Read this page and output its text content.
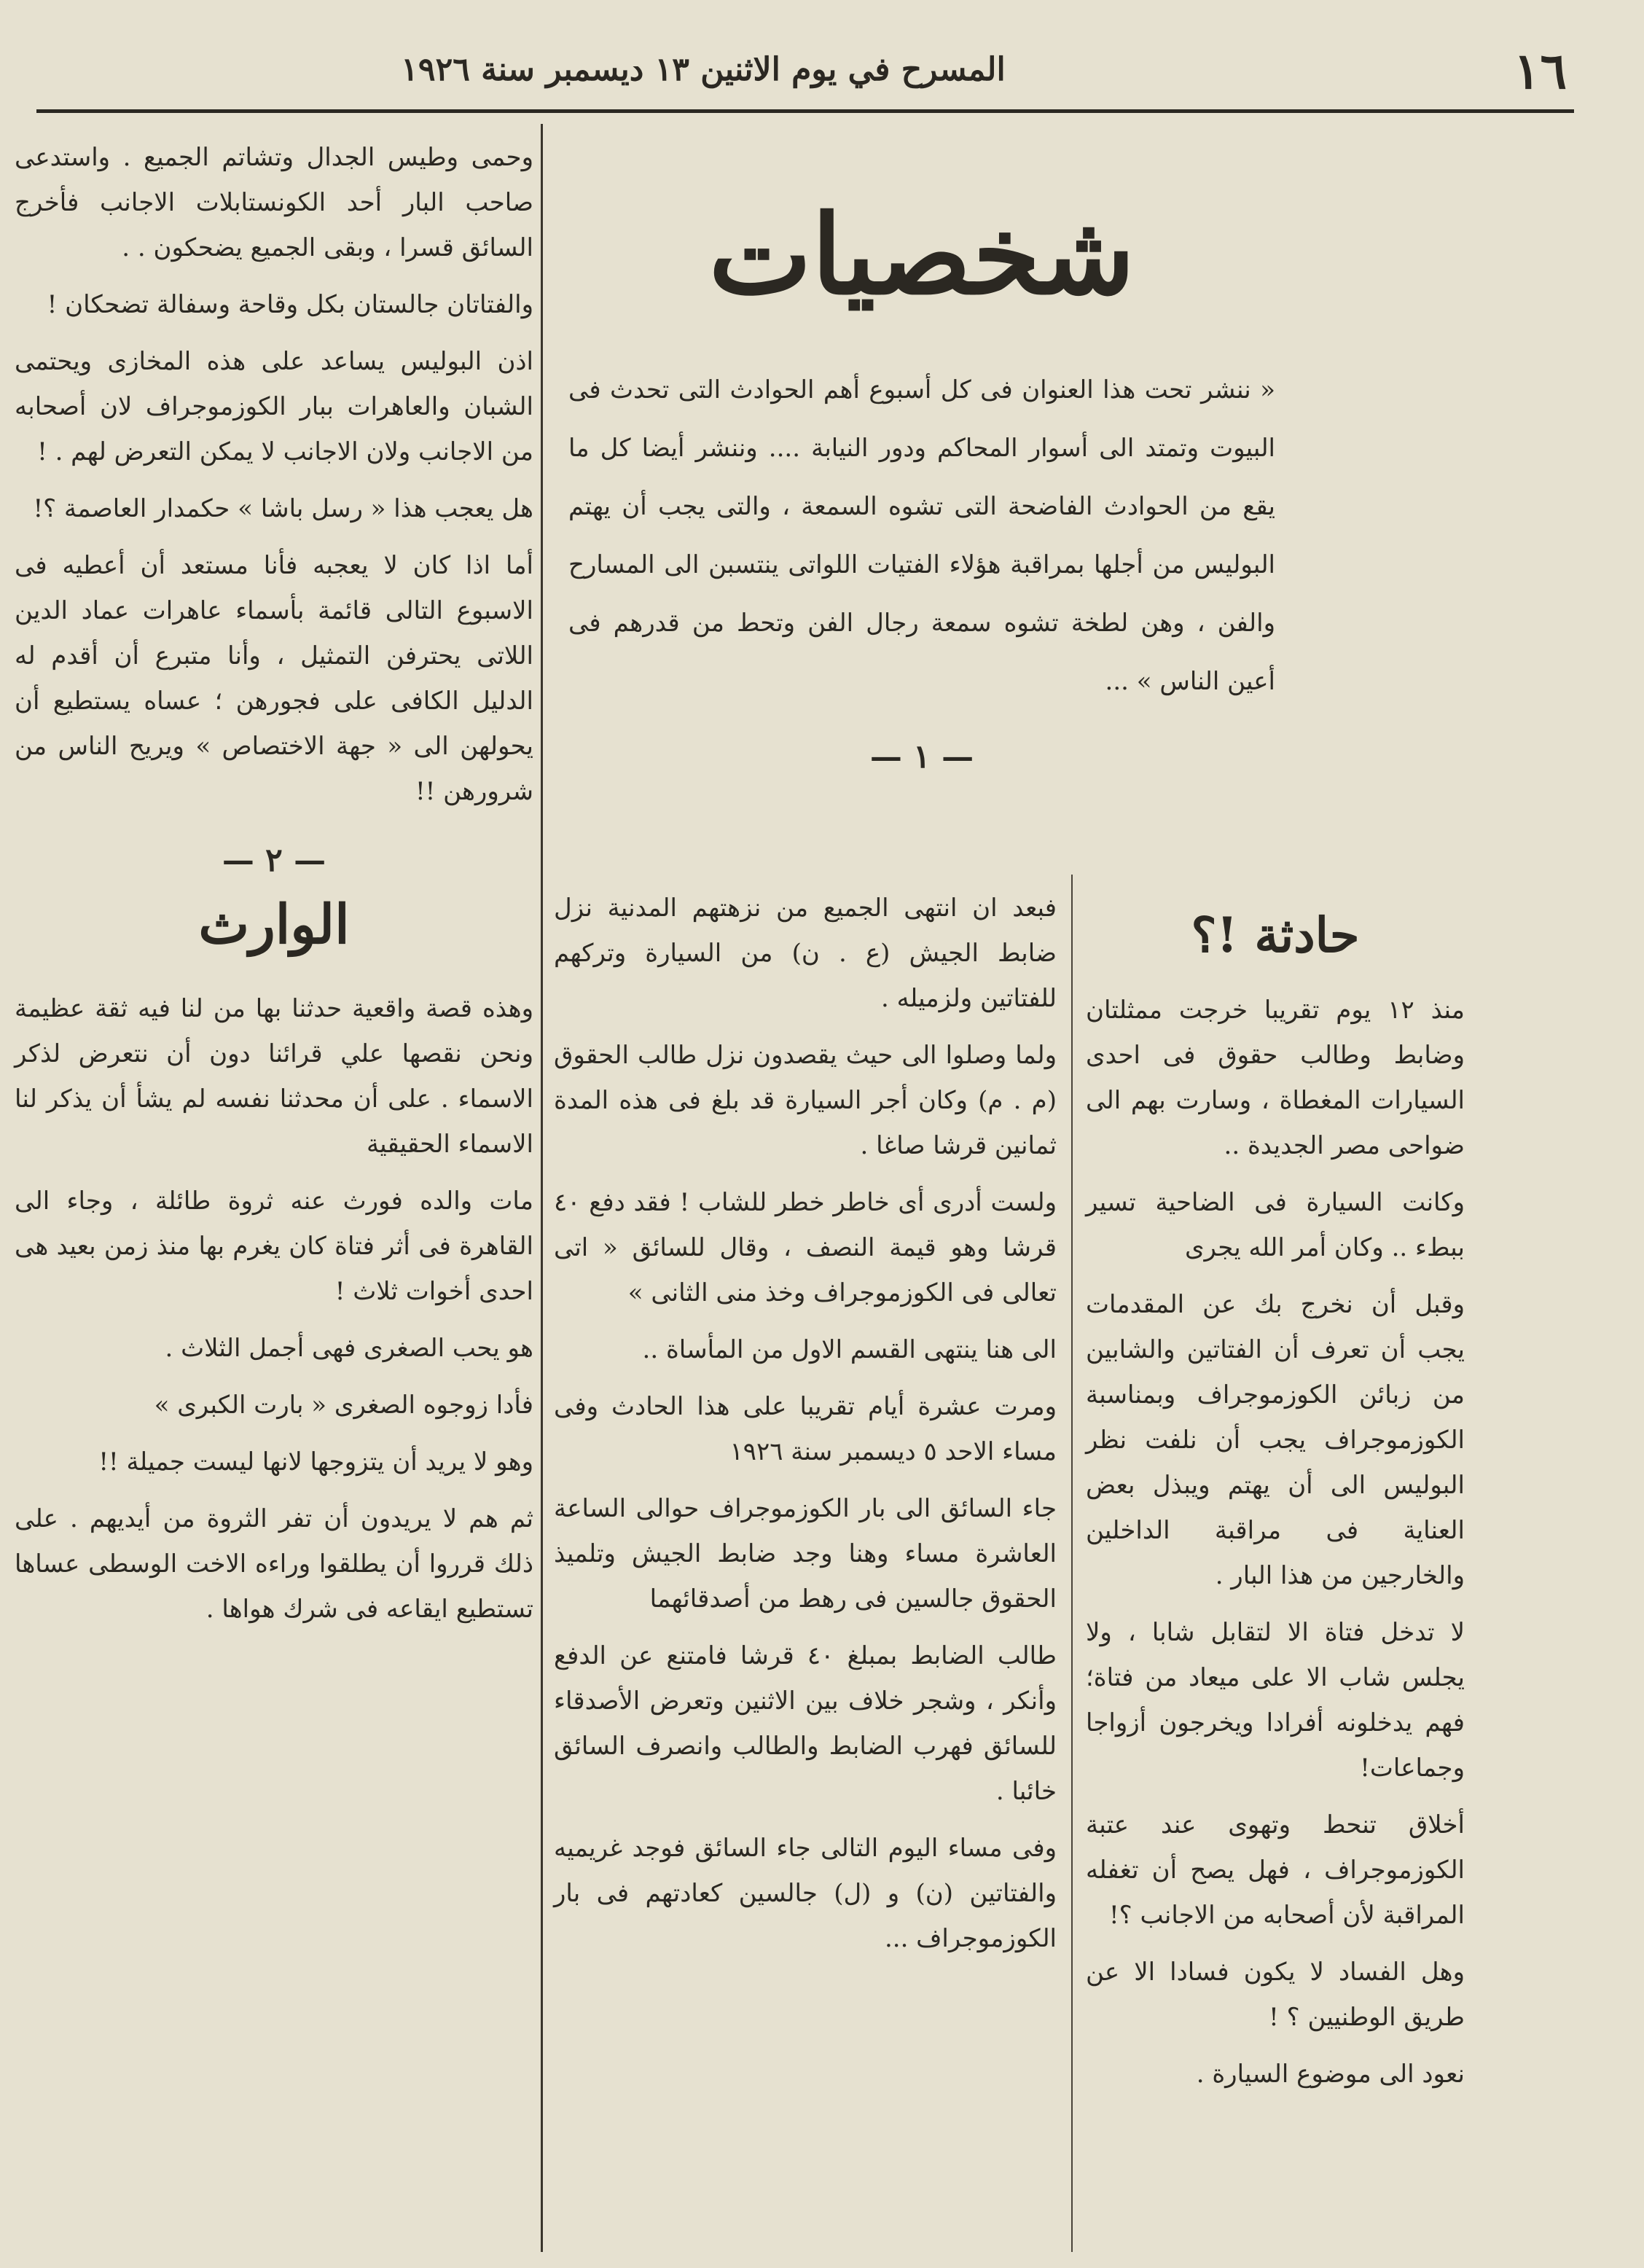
١٦
المسرح في يوم الاثنين ١٣ ديسمبر سنة ١٩٢٦

وحمى وطيس الجدال وتشاتم الجميع . واستدعى صاحب البار أحد الكونستابلات الاجانب فأخرج السائق قسرا ، وبقى الجميع يضحكون . .

والفتاتان جالستان بكل وقاحة وسفالة تضحكان !

اذن البوليس يساعد على هذه المخازى ويحتمى الشبان والعاهرات ببار الكوزموجراف لان أصحابه من الاجانب ولان الاجانب لا يمكن التعرض لهم . !

هل يعجب هذا « رسل باشا » حكمدار العاصمة ؟!

أما اذا كان لا يعجبه فأنا مستعد أن أعطيه فى الاسبوع التالى قائمة بأسماء عاهرات عماد الدين اللاتى يحترفن التمثيل ، وأنا متبرع أن أقدم له الدليل الكافى على فجورهن ؛ عساه يستطيع أن يحولهن الى « جهة الاختصاص » ويريح الناس من شرورهن !!

— ٢ —
الوارث

وهذه قصة واقعية حدثنا بها من لنا فيه ثقة عظيمة ونحن نقصها علي قرائنا دون أن نتعرض لذكر الاسماء . على أن محدثنا نفسه لم يشأ أن يذكر لنا الاسماء الحقيقية

مات والده فورث عنه ثروة طائلة ، وجاء الى القاهرة فى أثر فتاة كان يغرم بها منذ زمن بعيد هى احدى أخوات ثلاث !

هو يحب الصغرى فهى أجمل الثلاث .

فأدا زوجوه الصغرى « بارت الكبرى »

وهو لا يريد أن يتزوجها لانها ليست جميلة !!

ثم هم لا يريدون أن تفر الثروة من أيديهم . على ذلك قرروا أن يطلقوا وراءه الاخت الوسطى عساها تستطيع ايقاعه فى شرك هواها .

شخصيات

« ننشر تحت هذا العنوان فى كل أسبوع أهم الحوادث التى تحدث فى البيوت وتمتد الى أسوار المحاكم ودور النيابة .... وننشر أيضا كل ما يقع من الحوادث الفاضحة التى تشوه السمعة ، والتى يجب أن يهتم البوليس من أجلها بمراقبة هؤلاء الفتيات اللواتى ينتسبن الى المسارح والفن ، وهن لطخة تشوه سمعة رجال الفن وتحط من قدرهم فى أعين الناس » ...

— ١ —

فبعد ان انتهى الجميع من نزهتهم المدنية نزل ضابط الجيش (ع . ن) من السيارة وتركهم للفتاتين ولزميله .

ولما وصلوا الى حيث يقصدون نزل طالب الحقوق (م . م) وكان أجر السيارة قد بلغ فى هذه المدة ثمانين قرشا صاغا .

ولست أدرى أى خاطر خطر للشاب ! فقد دفع ٤٠ قرشا وهو قيمة النصف ، وقال للسائق « اتى تعالى فى الكوزموجراف وخذ منى الثانى »

الى هنا ينتهى القسم الاول من المأساة ..

ومرت عشرة أيام تقريبا على هذا الحادث وفى مساء الاحد ٥ ديسمبر سنة ١٩٢٦

جاء السائق الى بار الكوزموجراف حوالى الساعة العاشرة مساء وهنا وجد ضابط الجيش وتلميذ الحقوق جالسين فى رهط من أصدقائهما

طالب الضابط بمبلغ ٤٠ قرشا فامتنع عن الدفع وأنكر ، وشجر خلاف بين الاثنين وتعرض الأصدقاء للسائق فهرب الضابط والطالب وانصرف السائق خائبا .

وفى مساء اليوم التالى جاء السائق فوجد غريميه والفتاتين (ن) و (ل) جالسين كعادتهم فى بار الكوزموجراف ...

حادثة !؟

منذ ١٢ يوم تقريبا خرجت ممثلتان وضابط وطالب حقوق فى احدى السيارات المغطاة ، وسارت بهم الى ضواحى مصر الجديدة ..

وكانت السيارة فى الضاحية تسير ببطء .. وكان أمر الله يجرى

وقبل أن نخرج بك عن المقدمات يجب أن تعرف أن الفتاتين والشابين من زبائن الكوزموجراف وبمناسبة الكوزموجراف يجب أن نلفت نظر البوليس الى أن يهتم ويبذل بعض العناية فى مراقبة الداخلين والخارجين من هذا البار .

لا تدخل فتاة الا لتقابل شابا ، ولا يجلس شاب الا على ميعاد من فتاة؛ فهم يدخلونه أفرادا ويخرجون أزواجا وجماعات!

أخلاق تنحط وتهوى عند عتبة الكوزموجراف ، فهل يصح أن تغفله المراقبة لأن أصحابه من الاجانب ؟!

وهل الفساد لا يكون فسادا الا عن طريق الوطنيين ؟ !

نعود الى موضوع السيارة .
